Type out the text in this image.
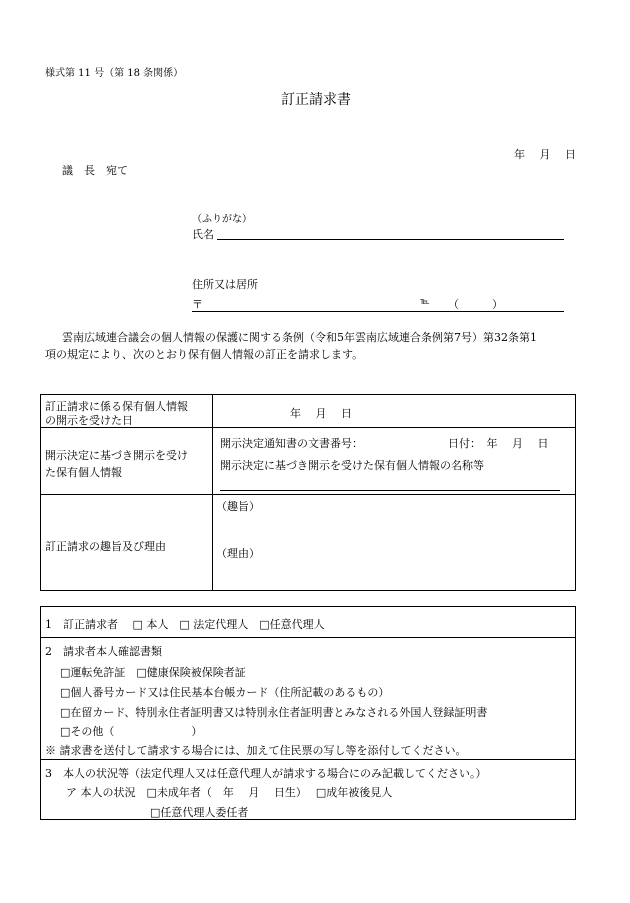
様式第 11 号（第 18 条関係）
訂正請求書
年　 月　 日
議　長　宛て
（ふりがな）
氏名
住所又は居所
〒	℡ （　　　）
雲南広域連合議会の個人情報の保護に関する条例（令和5年雲南広域連合条例第7号）第32条第1
項の規定により、次のとおり保有個人情報の訂正を請求します。
訂正請求に係る保有個人情報
の開示を受けた日
年　 月　 日
開示決定に基づき開示を受け
た保有個人情報
開示決定通知書の文書番号：	日付：　年　 月　 日
開示決定に基づき開示を受けた保有個人情報の名称等
訂正請求の趣旨及び理由
（趣旨）
（理由）
1　訂正請求者　 □ 本人　□ 法定代理人　□任意代理人
2　請求者本人確認書類
□運転免許証　□健康保険被保険者証
□個人番号カード又は住民基本台帳カード（住所記載のあるもの）
□在留カード、特別永住者証明書又は特別永住者証明書とみなされる外国人登録証明書
□その他（　　　　　　　）
※ 請求書を送付して請求する場合には、加えて住民票の写し等を添付してください。
3　本人の状況等（法定代理人又は任意代理人が請求する場合にのみ記載してください。）
ア 本人の状況　□未成年者（　年　 月　 日生）　 □成年被後見人
□任意代理人委任者
